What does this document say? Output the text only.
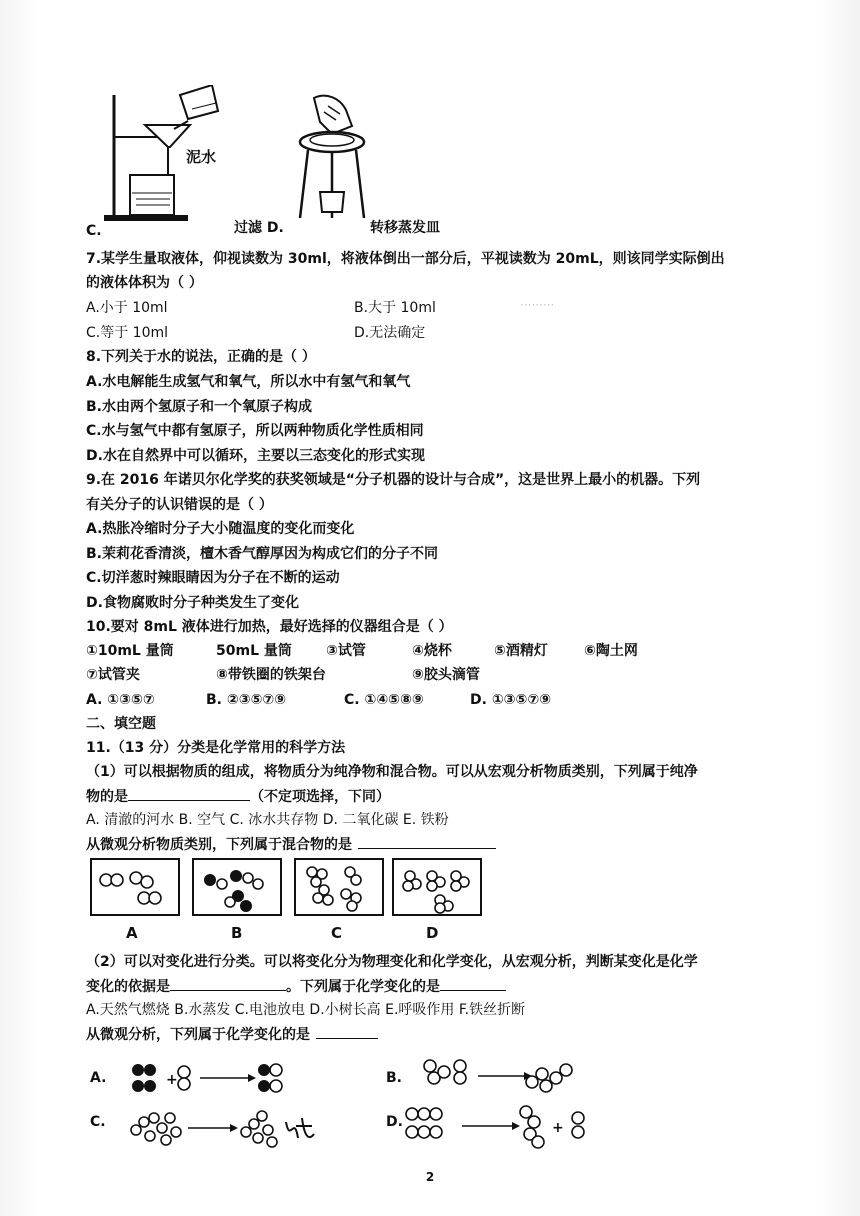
·········
泥水
C.	过滤 D.	转移蒸发皿
7.某学生量取液体，仰视读数为 30ml，将液体倒出一部分后，平视读数为 20mL，则该同学实际倒出
的液体体积为（ ）
A.小于 10ml	B.大于 10ml
C.等于 10ml	D.无法确定
8.下列关于水的说法，正确的是（ ）
A.水电解能生成氢气和氧气，所以水中有氢气和氧气
B.水由两个氢原子和一个氧原子构成
C.水与氢气中都有氢原子，所以两种物质化学性质相同
D.水在自然界中可以循环，主要以三态变化的形式实现
9.在 2016 年诺贝尔化学奖的获奖领域是“分子机器的设计与合成”，这是世界上最小的机器。下列
有关分子的认识错误的是（ ）
A.热胀冷缩时分子大小随温度的变化而变化
B.茉莉花香清淡，檀木香气醇厚因为构成它们的分子不同
C.切洋葱时辣眼睛因为分子在不断的运动
D.食物腐败时分子种类发生了变化
10.要对 8mL 液体进行加热，最好选择的仪器组合是（ ）
①10mL 量筒	50mL 量筒 ③试管	④烧杯	⑤酒精灯	⑥陶土网
⑦试管夹	⑧带铁圈的铁架台	⑨胶头滴管
A. ①③⑤⑦	B. ②③⑤⑦⑨	C. ①④⑤⑧⑨	D. ①③⑤⑦⑨
二、填空题
11.（13 分）分类是化学常用的科学方法
（1）可以根据物质的组成，将物质分为纯净物和混合物。可以从宏观分析物质类别，下列属于纯净
物的是	（不定项选择，下同）
A. 清澈的河水 B. 空气 C. 冰水共存物 D. 二氧化碳 E. 铁粉
从微观分析物质类别，下列属于混合物的是
A	B	C	D
（2）可以对变化进行分类。可以将变化分为物理变化和化学变化，从宏观分析，判断某变化是化学
变化的依据是	。下列属于化学变化的是
A.天然气燃烧 B.水蒸发 C.电池放电 D.小树长高 E.呼吸作用 F.铁丝折断
从微观分析，下列属于化学变化的是
A.	+	B.
C.	D.	+
2
